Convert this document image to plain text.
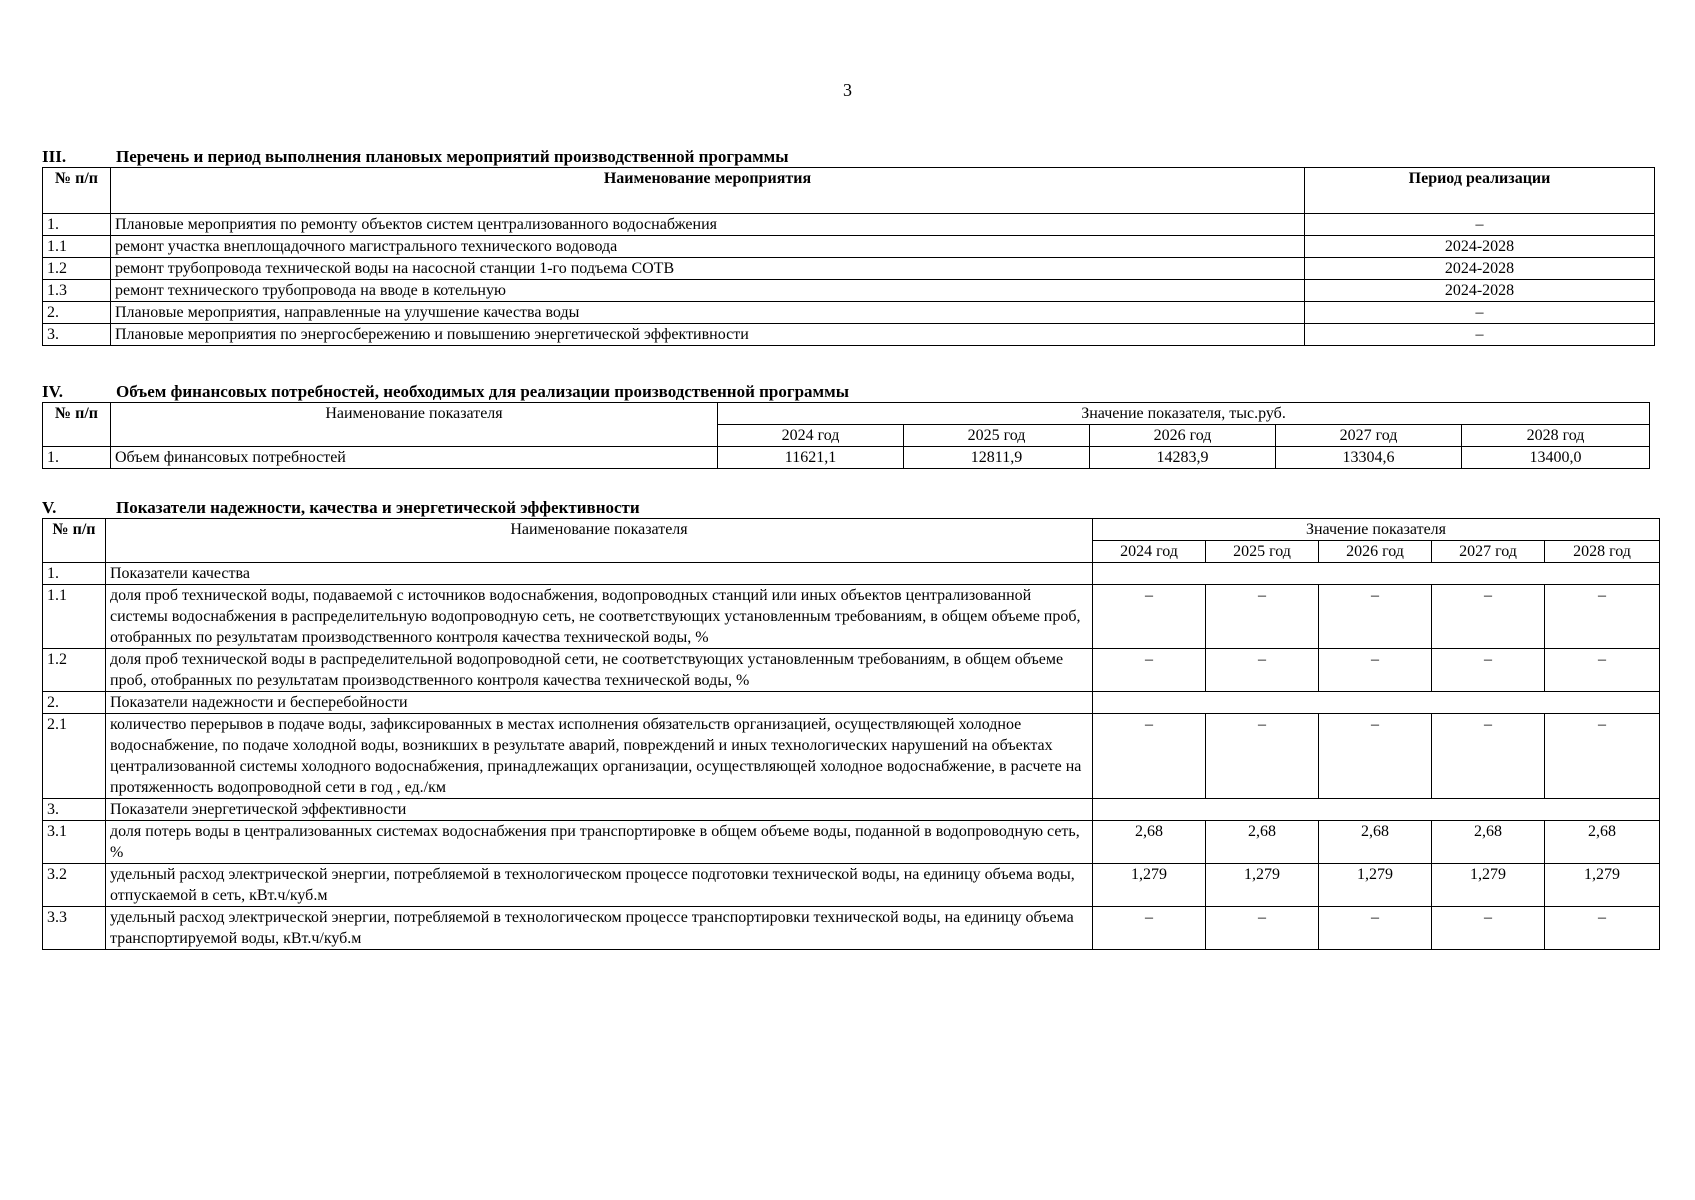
3
III.	Перечень и период выполнения плановых мероприятий производственной программы
№ п/п	Наименование мероприятия	Период реализации
1.	Плановые мероприятия по ремонту объектов систем централизованного водоснабжения	–
1.1	ремонт участка внеплощадочного магистрального технического водовода	2024-2028
1.2	ремонт трубопровода технической воды на насосной станции 1-го подъема СОТВ	2024-2028
1.3	ремонт технического трубопровода на вводе в котельную	2024-2028
2.	Плановые мероприятия, направленные на улучшение качества воды	–
3.	Плановые мероприятия по энергосбережению и повышению энергетической эффективности	–
IV.	Объем финансовых потребностей, необходимых для реализации производственной программы
№ п/п	Наименование показателя	Значение показателя, тыс.руб.				
		2024 год	2025 год	2026 год	2027 год	2028 год
1.	Объем финансовых потребностей	11621,1	12811,9	14283,9	13304,6	13400,0
V.	Показатели надежности, качества и энергетической эффективности
№ п/п	Наименование показателя	Значение показателя				
		2024 год	2025 год	2026 год	2027 год	2028 год
1.	Показатели качества					
1.1	доля проб технической воды, подаваемой с источников водоснабжения, водопроводных станций или иных объектов централизованной системы водоснабжения в распределительную водопроводную сеть, не соответствующих установленным требованиям, в общем объеме проб, отобранных по результатам производственного контроля качества технической воды, %	–	–	–	–	–
1.2	доля проб технической воды в распределительной водопроводной сети, не соответствующих установленным требованиям, в общем объеме проб, отобранных по результатам производственного контроля качества технической воды, %	–	–	–	–	–
2.	Показатели надежности и бесперебойности					
2.1	количество перерывов в подаче воды, зафиксированных в местах исполнения обязательств организацией, осуществляющей холодное водоснабжение, по подаче холодной воды, возникших в результате аварий, повреждений и иных технологических нарушений на объектах централизованной системы холодного водоснабжения, принадлежащих организации, осуществляющей холодное водоснабжение, в расчете на протяженность водопроводной сети в год , ед./км	–	–	–	–	–
3.	Показатели энергетической эффективности					
3.1	доля потерь воды в централизованных системах водоснабжения при транспортировке в общем объеме воды, поданной в водопроводную сеть, %	2,68	2,68	2,68	2,68	2,68
3.2	удельный расход электрической энергии, потребляемой в технологическом процессе подготовки технической воды, на единицу объема воды, отпускаемой в сеть, кВт.ч/куб.м	1,279	1,279	1,279	1,279	1,279
3.3	удельный расход электрической энергии, потребляемой в технологическом процессе транспортировки технической воды, на единицу объема транспортируемой воды, кВт.ч/куб.м	–	–	–	–	–
